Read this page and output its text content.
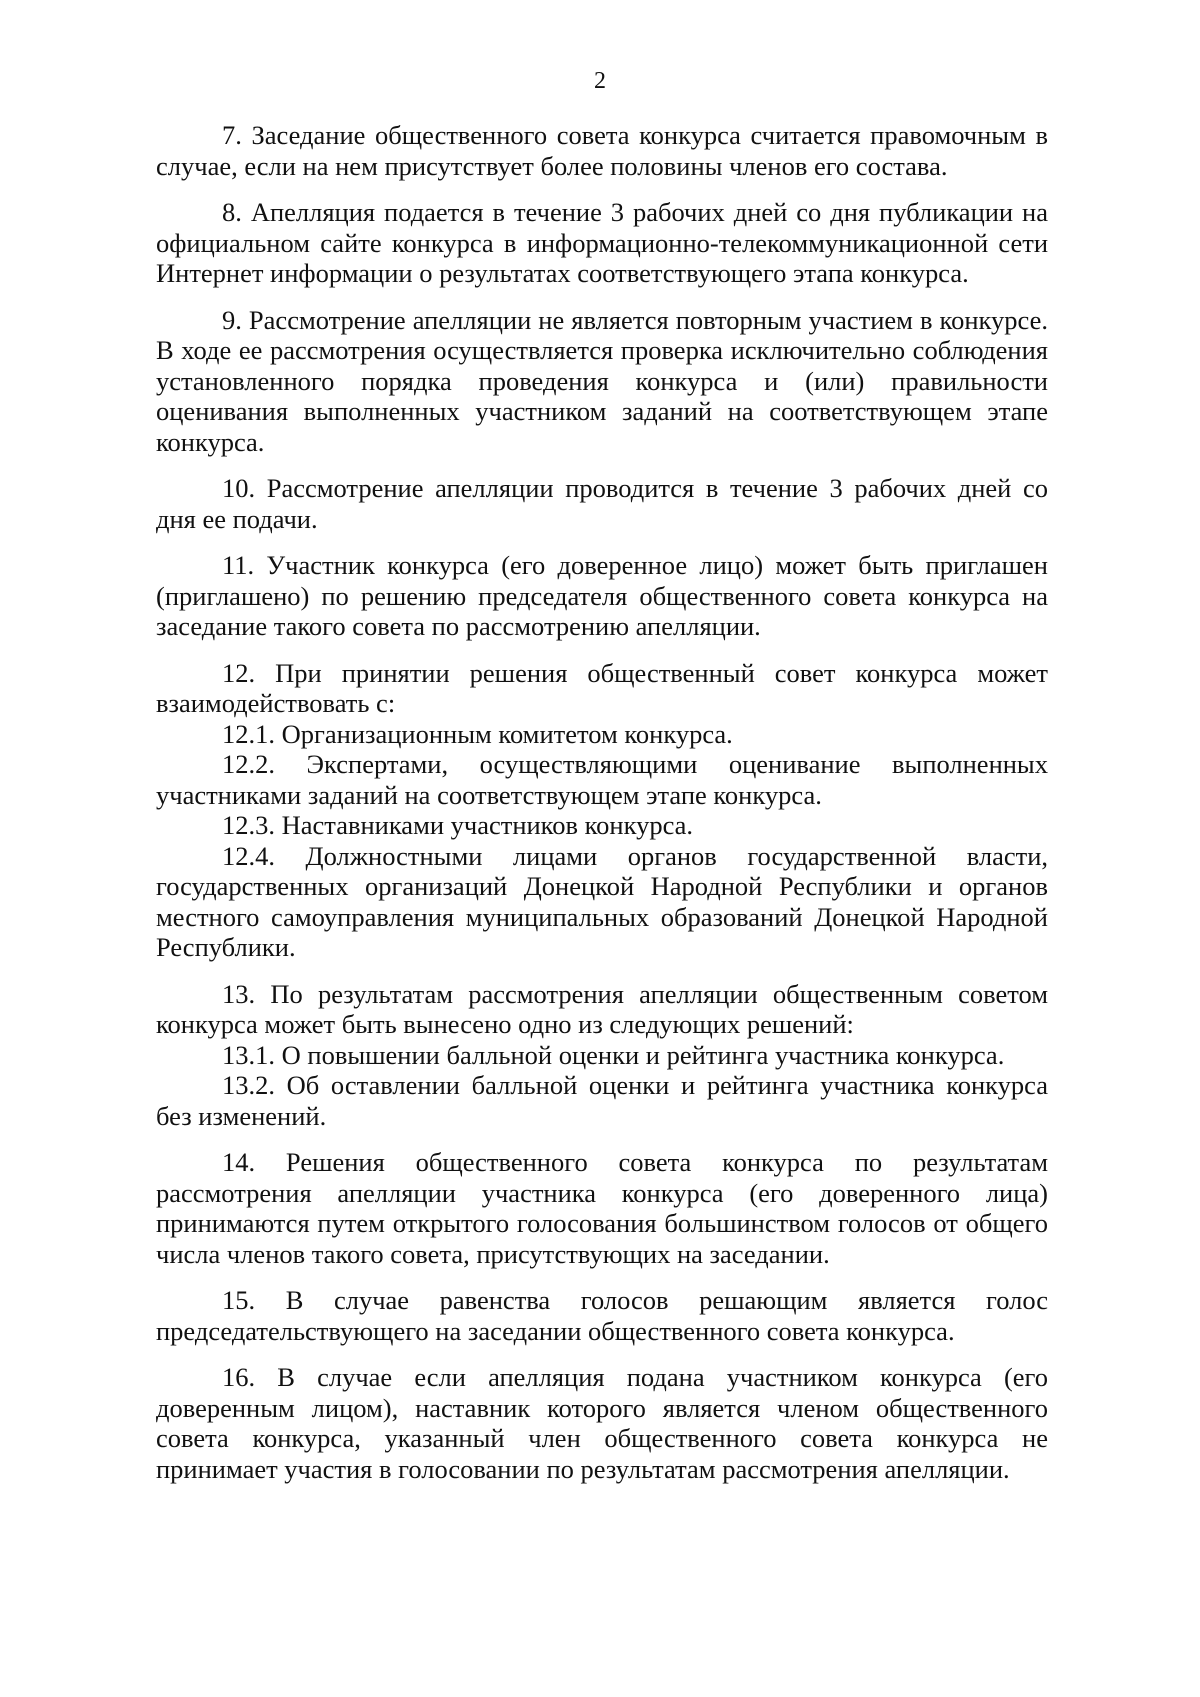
2

7. Заседание общественного совета конкурса считается правомочным в случае, если на нем присутствует более половины членов его состава.

8. Апелляция подается в течение 3 рабочих дней со дня публикации на официальном сайте конкурса в информационно-телекоммуникационной сети Интернет информации о результатах соответствующего этапа конкурса.

9. Рассмотрение апелляции не является повторным участием в конкурсе. В ходе ее рассмотрения осуществляется проверка исключительно соблюдения установленного порядка проведения конкурса и (или) правильности оценивания выполненных участником заданий на соответствующем этапе конкурса.

10. Рассмотрение апелляции проводится в течение 3 рабочих дней со дня ее подачи.

11. Участник конкурса (его доверенное лицо) может быть приглашен (приглашено) по решению председателя общественного совета конкурса на заседание такого совета по рассмотрению апелляции.

12. При принятии решения общественный совет конкурса может взаимодействовать с:

12.1. Организационным комитетом конкурса.

12.2. Экспертами, осуществляющими оценивание выполненных участниками заданий на соответствующем этапе конкурса.

12.3. Наставниками участников конкурса.

12.4. Должностными лицами органов государственной власти, государственных организаций Донецкой Народной Республики и органов местного самоуправления муниципальных образований Донецкой Народной Республики.

13. По результатам рассмотрения апелляции общественным советом конкурса может быть вынесено одно из следующих решений:

13.1. О повышении балльной оценки и рейтинга участника конкурса.

13.2. Об оставлении балльной оценки и рейтинга участника конкурса без изменений.

14. Решения общественного совета конкурса по результатам рассмотрения апелляции участника конкурса (его доверенного лица) принимаются путем открытого голосования большинством голосов от общего числа членов такого совета, присутствующих на заседании.

15. В случае равенства голосов решающим является голос председательствующего на заседании общественного совета конкурса.

16. В случае если апелляция подана участником конкурса (его доверенным лицом), наставник которого является членом общественного совета конкурса, указанный член общественного совета конкурса не принимает участия в голосовании по результатам рассмотрения апелляции.
